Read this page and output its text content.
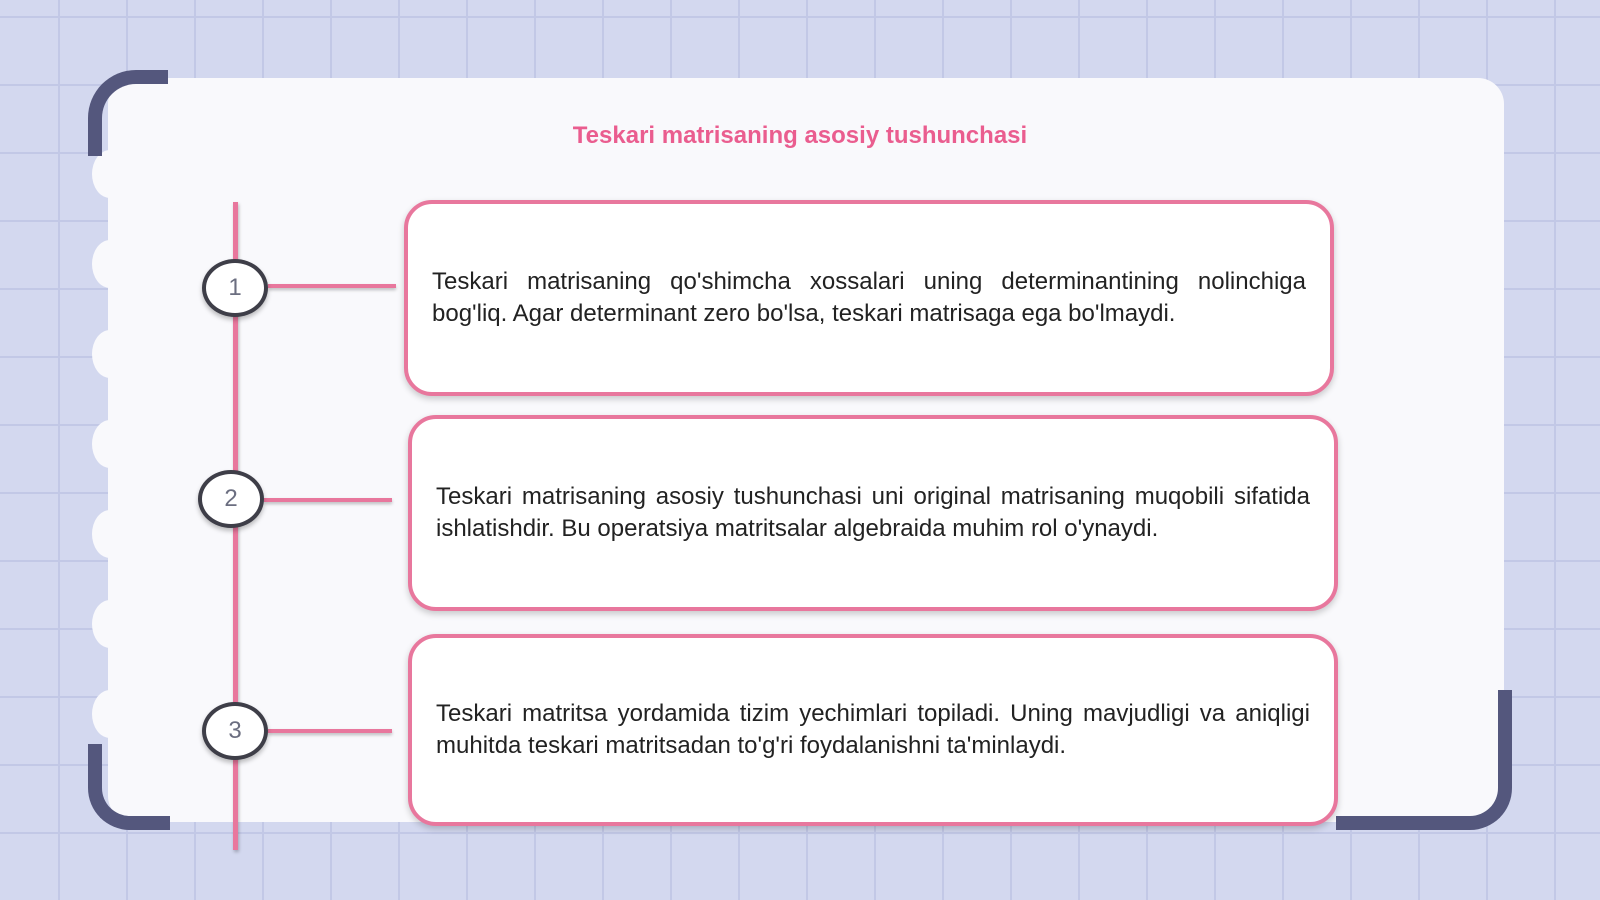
Teskari matrisaning asosiy tushunchasi
1
2
3
Teskari matrisaning qo'shimcha xossalari uning determinantining nolinchiga bog'liq. Agar determinant zero bo'lsa, teskari matrisaga ega bo'lmaydi.
Teskari matrisaning asosiy tushunchasi uni original matrisaning muqobili sifatida ishlatishdir. Bu operatsiya matritsalar algebraida muhim rol o'ynaydi.
Teskari matritsa yordamida tizim yechimlari topiladi. Uning mavjudligi va aniqligi muhitda teskari matritsadan to'g'ri foydalanishni ta'minlaydi.
